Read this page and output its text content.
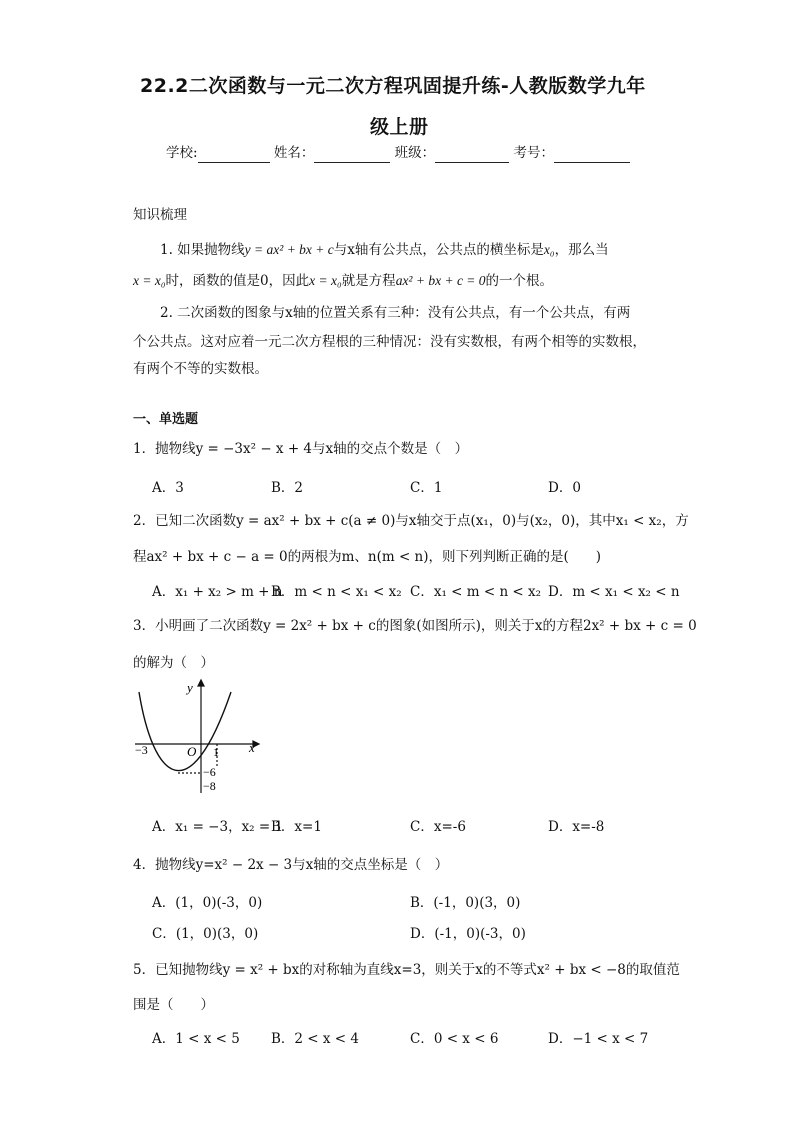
22.2二次函数与一元二次方程巩固提升练-人教版数学九年
级上册
学校:	姓名：	班级：	考号：
知识梳理
1. 如果抛物线y = ax² + bx + c与x轴有公共点，公共点的横坐标是x₀，那么当
x = x₀时，函数的值是0，因此x = x₀就是方程ax² + bx + c = 0的一个根。
2. 二次函数的图象与x轴的位置关系有三种：没有公共点，有一个公共点，有两
个公共点。这对应着一元二次方程根的三种情况：没有实数根，有两个相等的实数根，
有两个不等的实数根。
一、单选题
1．抛物线y = −3x² − x + 4与x轴的交点个数是（　）
A．3	B．2	C．1	D．0
2．已知二次函数y = ax² + bx + c(a ≠ 0)与x轴交于点(x₁，0)与(x₂，0)，其中x₁ < x₂，方
程ax² + bx + c − a = 0的两根为m、n(m < n)，则下列判断正确的是(　　)
A．x₁ + x₂ > m + n
B．m < n < x₁ < x₂ C．x₁ < m < n < x₂ D．m < x₁ < x₂ < n
3．小明画了二次函数y = 2x² + bx + c的图象(如图所示)，则关于x的方程2x² + bx + c = 0
的解为（　）
y
x
O
−3	1
−6
−8
A．x₁ = −3，x₂ = 1
B．x=1	C．x=-6	D．x=-8
4．抛物线y=x² − 2x − 3与x轴的交点坐标是（　）
A．(1，0)(-3，0)	B．(-1，0)(3，0)
C．(1，0)(3，0)	D．(-1，0)(-3，0)
5．已知抛物线y = x² + bx的对称轴为直线x=3，则关于x的不等式x² + bx < −8的取值范
围是（　　）
A．1 < x < 5 B．2 < x < 4	C．0 < x < 6	D．−1 < x < 7
